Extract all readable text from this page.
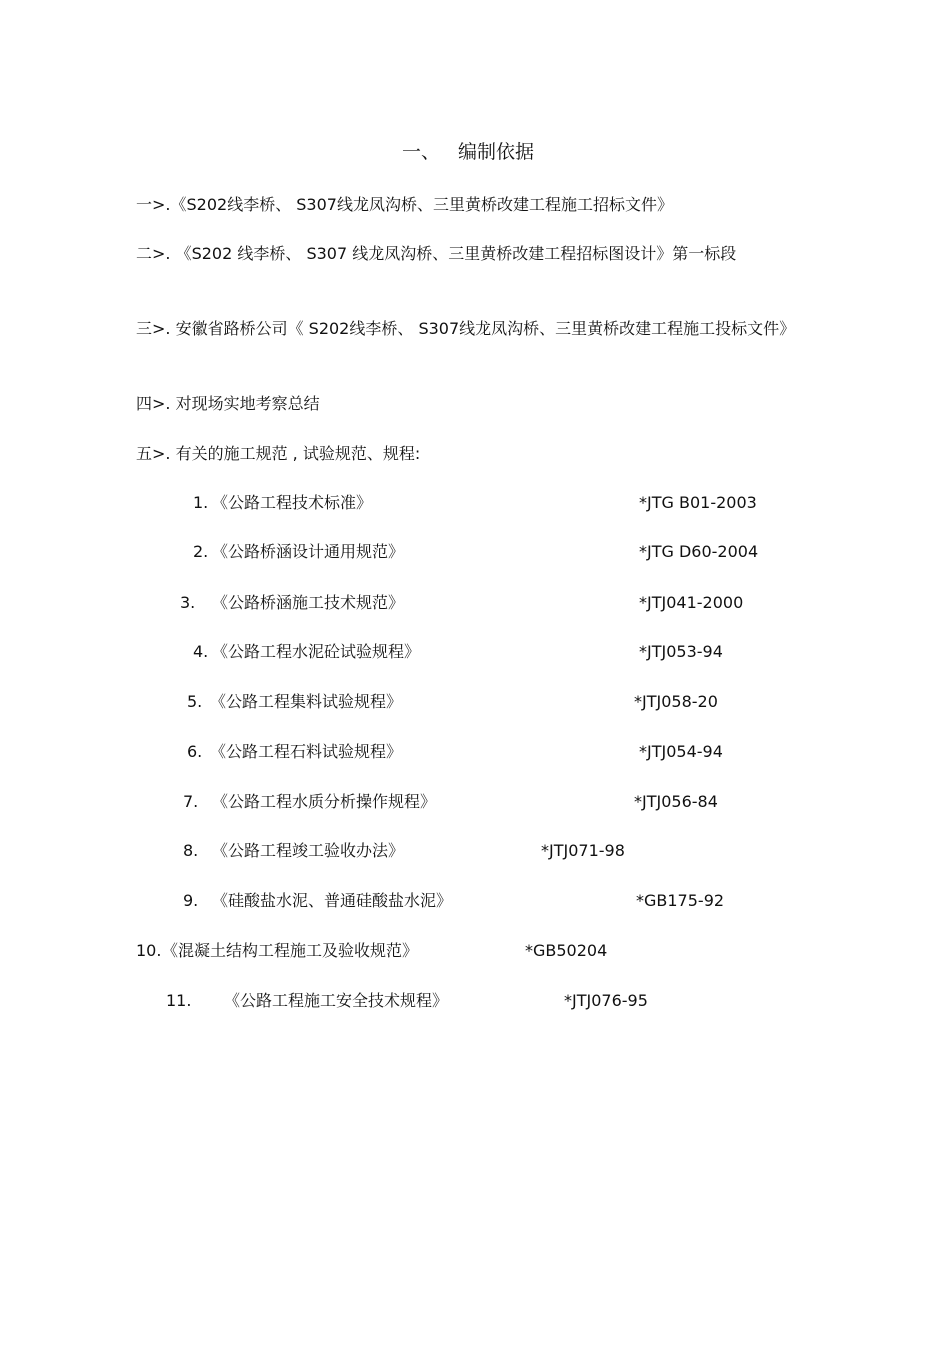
一、 编制依据
一>.《S202线李桥、 S307线龙凤沟桥、三里黄桥改建工程施工招标文件》
二>. 《S202 线李桥、 S307 线龙凤沟桥、三里黄桥改建工程招标图设计》第一标段
三>. 安徽省路桥公司《 S202线李桥、 S307线龙凤沟桥、三里黄桥改建工程施工投标文件》
四>. 对现场实地考察总结
五>. 有关的施工规范 , 试验规范、规程:
1. 《公路工程技术标准》	*JTG B01-2003
2. 《公路桥涵设计通用规范》	*JTG D60-2004
3. 《公路桥涵施工技术规范》	*JTJ041-2000
4. 《公路工程水泥砼试验规程》	*JTJ053-94
5. 《公路工程集料试验规程》	*JTJ058-20
6. 《公路工程石料试验规程》	*JTJ054-94
7. 《公路工程水质分析操作规程》	*JTJ056-84
8. 《公路工程竣工验收办法》	*JTJ071-98
9. 《硅酸盐水泥、普通硅酸盐水泥》	*GB175-92
10. 《混凝土结构工程施工及验收规范》	*GB50204
11. 《公路工程施工安全技术规程》	*JTJ076-95
